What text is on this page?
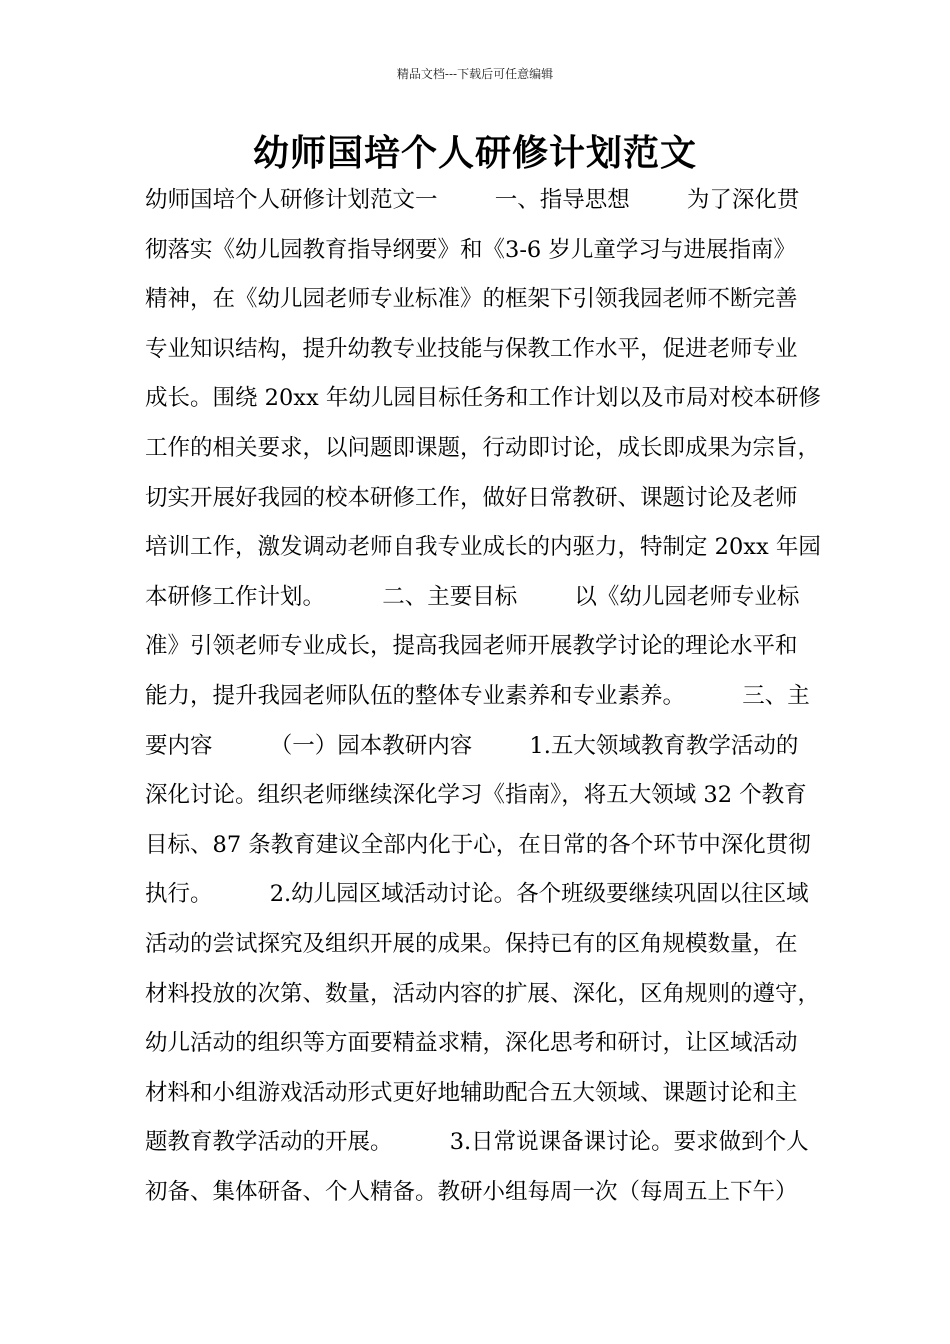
精品文档---下载后可任意编辑
幼师国培个人研修计划范文
幼师国培个人研修计划范文一        一、指导思想        为了深化贯
彻落实《幼儿园教育指导纲要》和《3-6 岁儿童学习与进展指南》
精神，在《幼儿园老师专业标准》的框架下引领我园老师不断完善
专业知识结构，提升幼教专业技能与保教工作水平，促进老师专业
成长。围绕 20xx 年幼儿园目标任务和工作计划以及市局对校本研修
工作的相关要求，以问题即课题，行动即讨论，成长即成果为宗旨，
切实开展好我园的校本研修工作，做好日常教研、课题讨论及老师
培训工作，激发调动老师自我专业成长的内驱力，特制定 20xx 年园
本研修工作计划。        二、主要目标        以《幼儿园老师专业标
准》引领老师专业成长，提高我园老师开展教学讨论的理论水平和
能力，提升我园老师队伍的整体专业素养和专业素养。        三、主
要内容        （一）园本教研内容        1.五大领域教育教学活动的
深化讨论。组织老师继续深化学习《指南》，将五大领域 32 个教育
目标、87 条教育建议全部内化于心，在日常的各个环节中深化贯彻
执行。        2.幼儿园区域活动讨论。各个班级要继续巩固以往区域
活动的尝试探究及组织开展的成果。保持已有的区角规模数量，在
材料投放的次第、数量，活动内容的扩展、深化，区角规则的遵守，
幼儿活动的组织等方面要精益求精，深化思考和研讨，让区域活动
材料和小组游戏活动形式更好地辅助配合五大领域、课题讨论和主
题教育教学活动的开展。        3.日常说课备课讨论。要求做到个人
初备、集体研备、个人精备。教研小组每周一次（每周五上下午）
